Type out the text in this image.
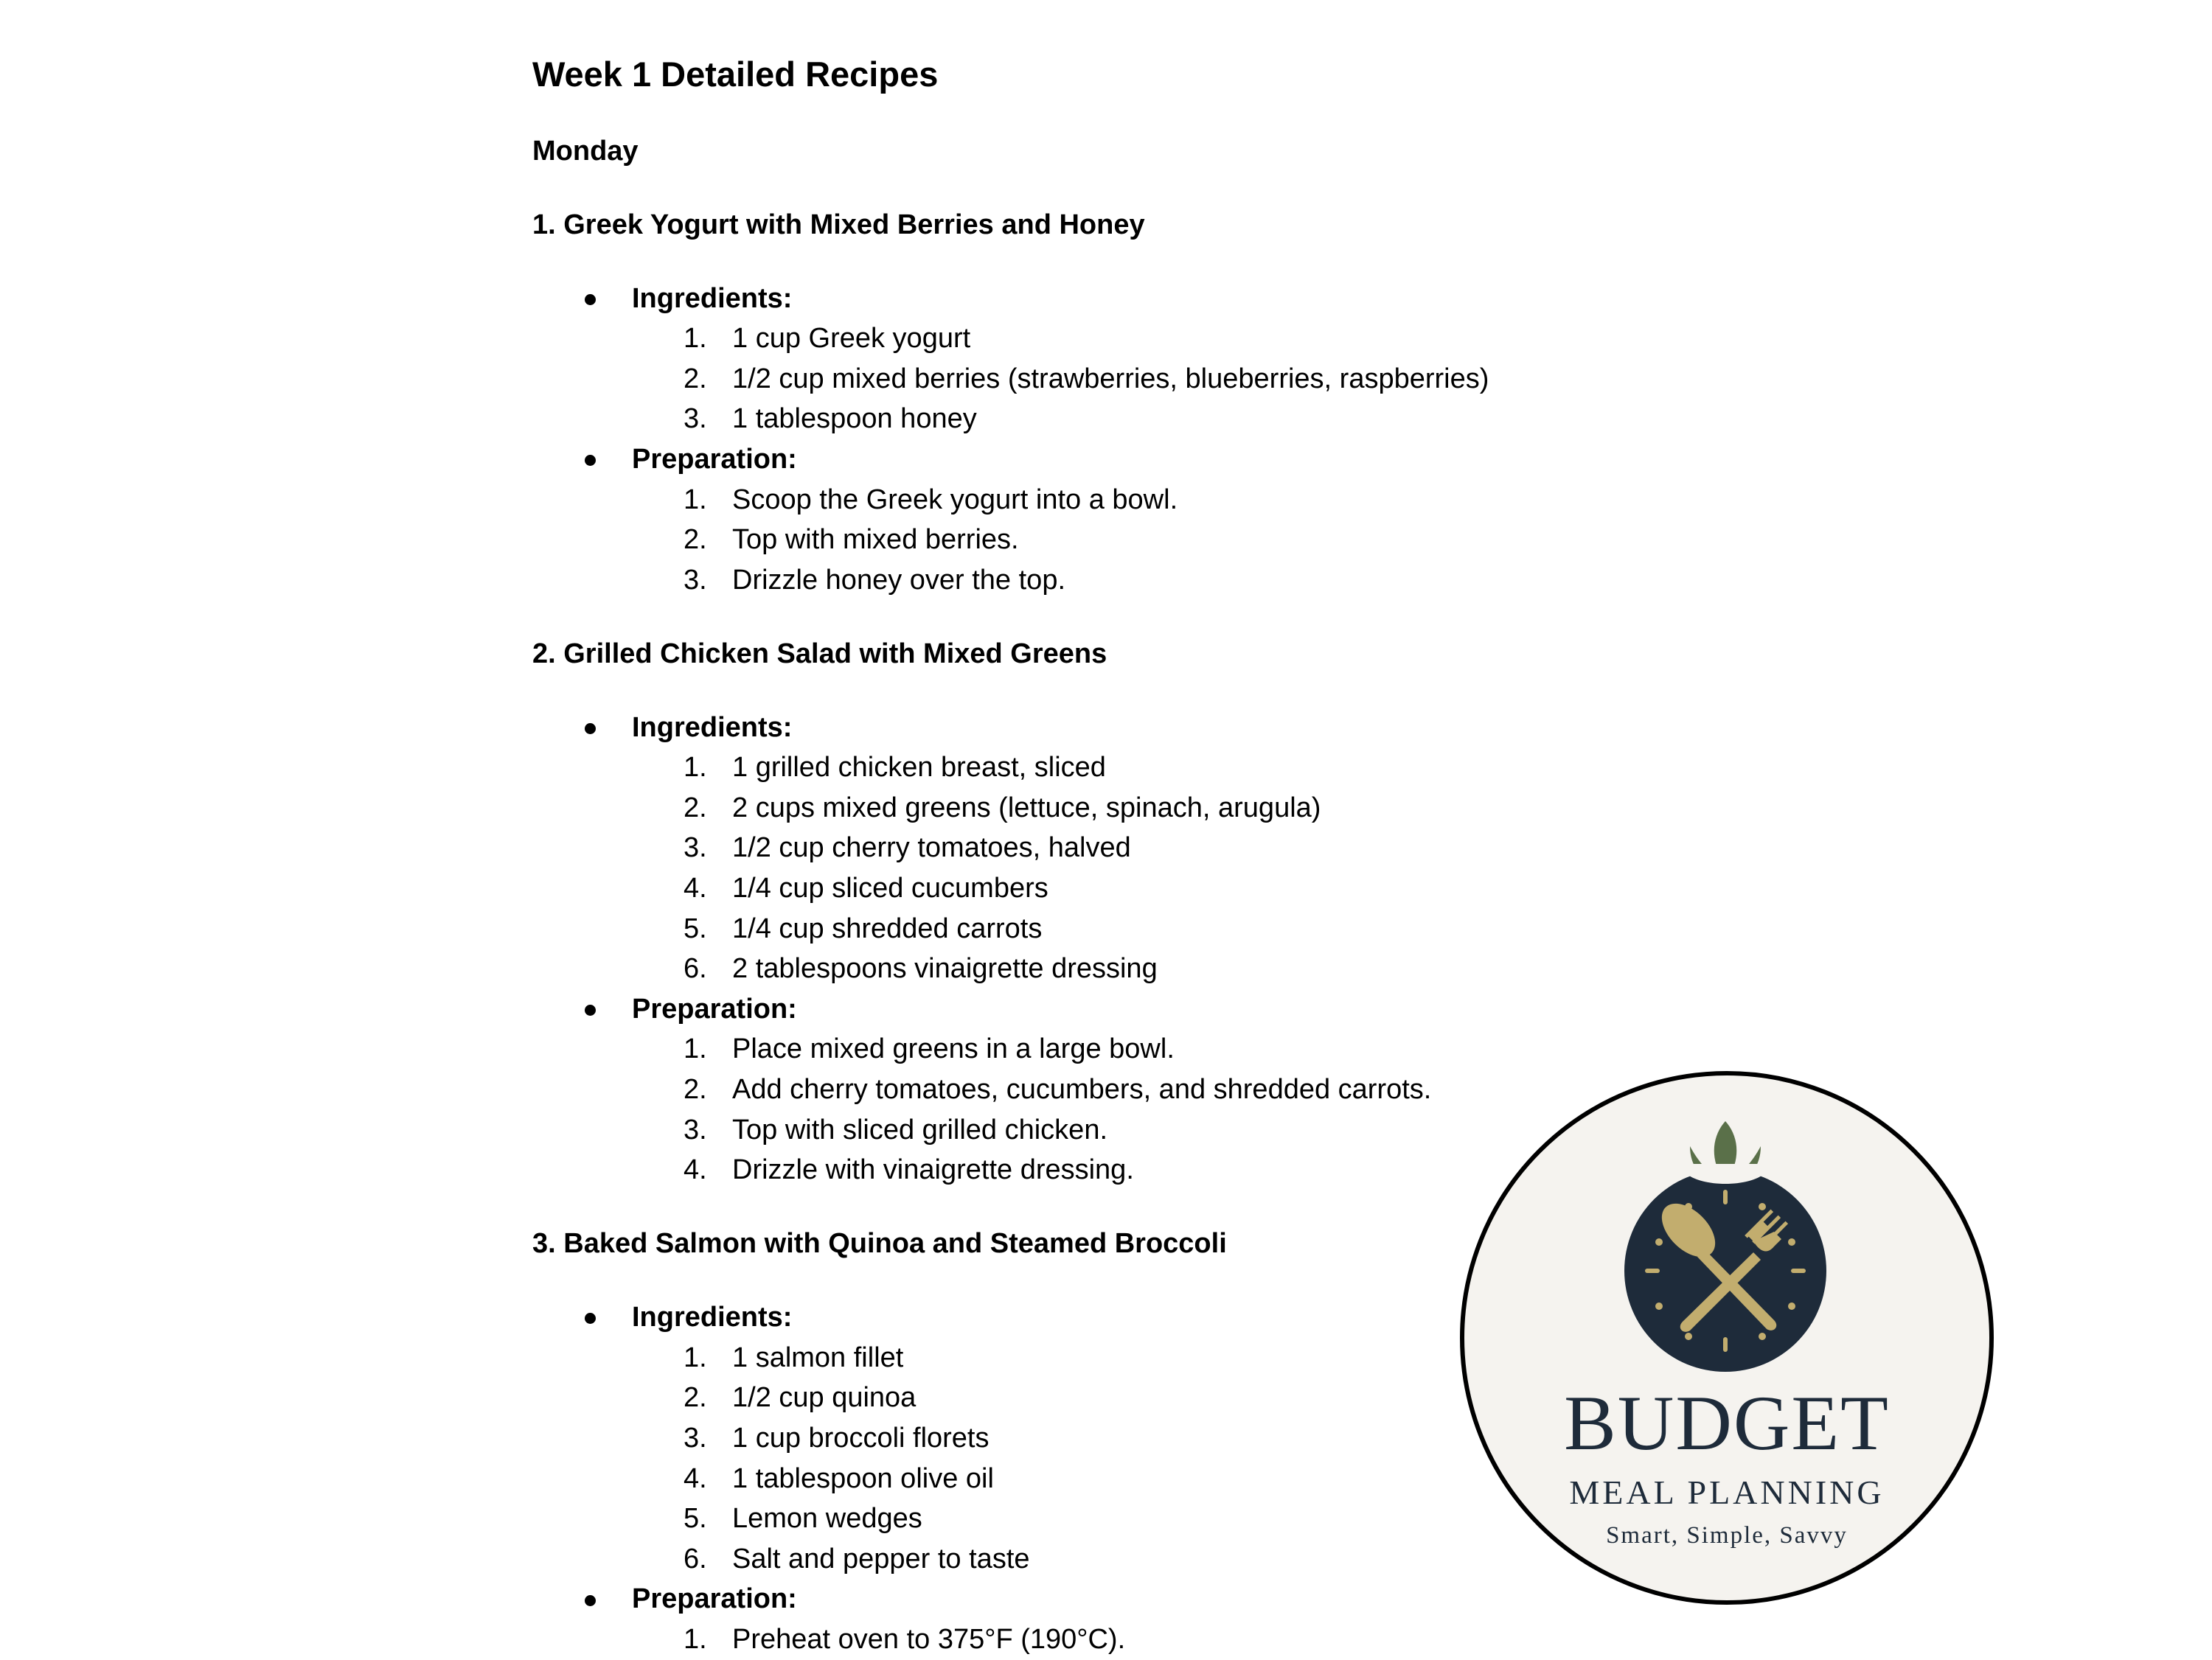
Week 1 Detailed Recipes
Monday
1. Greek Yogurt with Mixed Berries and Honey
Ingredients:
1. 1 cup Greek yogurt
2. 1/2 cup mixed berries (strawberries, blueberries, raspberries)
3. 1 tablespoon honey
Preparation:
1. Scoop the Greek yogurt into a bowl.
2. Top with mixed berries.
3. Drizzle honey over the top.
2. Grilled Chicken Salad with Mixed Greens
Ingredients:
1. 1 grilled chicken breast, sliced
2. 2 cups mixed greens (lettuce, spinach, arugula)
3. 1/2 cup cherry tomatoes, halved
4. 1/4 cup sliced cucumbers
5. 1/4 cup shredded carrots
6. 2 tablespoons vinaigrette dressing
Preparation:
1. Place mixed greens in a large bowl.
2. Add cherry tomatoes, cucumbers, and shredded carrots.
3. Top with sliced grilled chicken.
4. Drizzle with vinaigrette dressing.
3. Baked Salmon with Quinoa and Steamed Broccoli
Ingredients:
1. 1 salmon fillet
2. 1/2 cup quinoa
3. 1 cup broccoli florets
4. 1 tablespoon olive oil
5. Lemon wedges
6. Salt and pepper to taste
Preparation:
1. Preheat oven to 375°F (190°C).
BUDGET
MEAL PLANNING
Smart, Simple, Savvy
